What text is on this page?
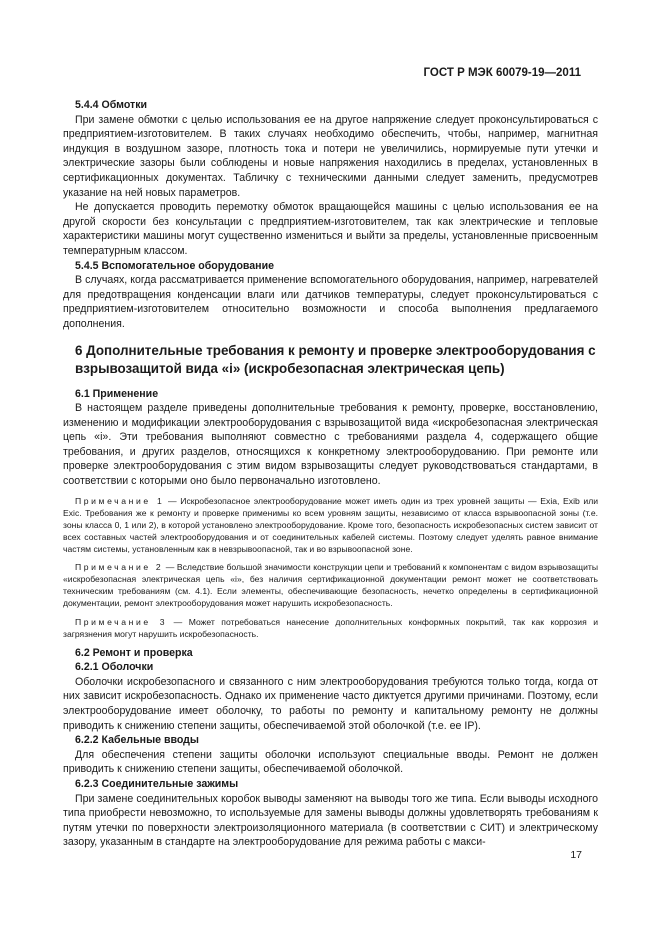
ГОСТ Р МЭК 60079-19—2011
5.4.4 Обмотки
При замене обмотки с целью использования ее на другое напряжение следует проконсультироваться с предприятием-изготовителем. В таких случаях необходимо обеспечить, чтобы, например, магнитная индукция в воздушном зазоре, плотность тока и потери не увеличились, нормируемые пути утечки и электрические зазоры были соблюдены и новые напряжения находились в пределах, установленных в сертификационных документах. Табличку с техническими данными следует заменить, предусмотрев указание на ней новых параметров.
Не допускается проводить перемотку обмоток вращающейся машины с целью использования ее на другой скорости без консультации с предприятием-изготовителем, так как электрические и тепловые характеристики машины могут существенно измениться и выйти за пределы, установленные присвоенным температурным классом.
5.4.5 Вспомогательное оборудование
В случаях, когда рассматривается применение вспомогательного оборудования, например, нагревателей для предотвращения конденсации влаги или датчиков температуры, следует проконсультироваться с предприятием-изготовителем относительно возможности и способа выполнения предлагаемого дополнения.
6 Дополнительные требования к ремонту и проверке электрооборудования с взрывозащитой вида «i» (искробезопасная электрическая цепь)
6.1 Применение
В настоящем разделе приведены дополнительные требования к ремонту, проверке, восстановлению, изменению и модификации электрооборудования с взрывозащитой вида «искробезопасная электрическая цепь «i». Эти требования выполняют совместно с требованиями раздела 4, содержащего общие требования, и других разделов, относящихся к конкретному электрооборудованию. При ремонте или проверке электрооборудования с этим видом взрывозащиты следует руководствоваться стандартами, в соответствии с которыми оно было первоначально изготовлено.
Примечание 1 — Искробезопасное электрооборудование может иметь один из трех уровней защиты — Exia, Exib или Exic. Требования же к ремонту и проверке применимы ко всем уровням защиты, независимо от класса взрывоопасной зоны (т.е. зоны класса 0, 1 или 2), в которой установлено электрооборудование. Кроме того, безопасность искробезопасных систем зависит от всех составных частей электрооборудования и от соединительных кабелей системы. Поэтому следует уделять равное внимание частям системы, установленным как в невзрывоопасной, так и во взрывоопасной зоне.
Примечание 2 — Вследствие большой значимости конструкции цепи и требований к компонентам с видом взрывозащиты «искробезопасная электрическая цепь «i», без наличия сертификационной документации ремонт может не соответствовать техническим требованиям (см. 4.1). Если элементы, обеспечивающие безопасность, нечетко определены в сертификационной документации, ремонт электрооборудования может нарушить искробезопасность.
Примечание 3 — Может потребоваться нанесение дополнительных конформных покрытий, так как коррозия и загрязнения могут нарушить искробезопасность.
6.2 Ремонт и проверка
6.2.1 Оболочки
Оболочки искробезопасного и связанного с ним электрооборудования требуются только тогда, когда от них зависит искробезопасность. Однако их применение часто диктуется другими причинами. Поэтому, если электрооборудование имеет оболочку, то работы по ремонту и капитальному ремонту не должны приводить к снижению степени защиты, обеспечиваемой этой оболочкой (т.е. ее IP).
6.2.2 Кабельные вводы
Для обеспечения степени защиты оболочки используют специальные вводы. Ремонт не должен приводить к снижению степени защиты, обеспечиваемой оболочкой.
6.2.3 Соединительные зажимы
При замене соединительных коробок выводы заменяют на выводы того же типа. Если выводы исходного типа приобрести невозможно, то используемые для замены выводы должны удовлетворять требованиям к путям утечки по поверхности электроизоляционного материала (в соответствии с СИТ) и электрическому зазору, указанным в стандарте на электрооборудование для режима работы с макси-
17
